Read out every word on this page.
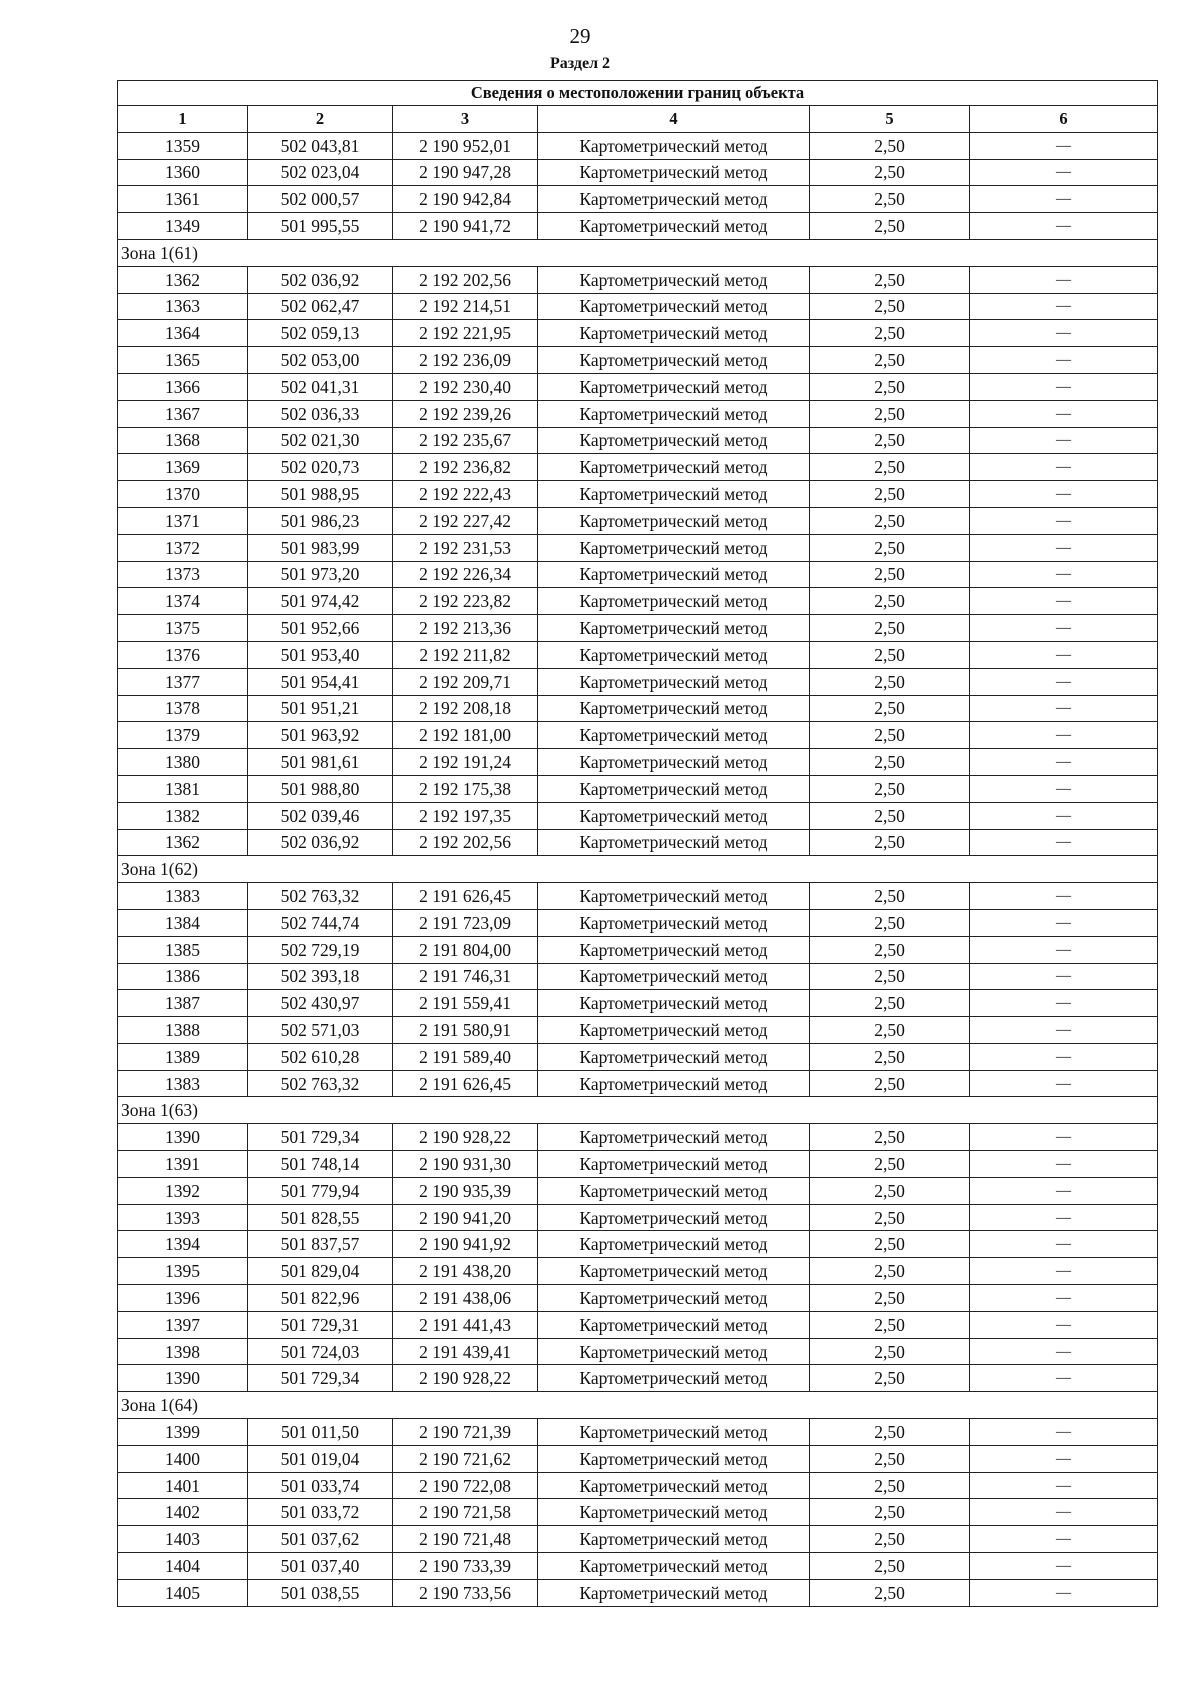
29
Раздел 2
Сведения о местоположении границ объекта					
1	2	3	4	5	6
1359	502 043,81	2 190 952,01	Картометрический метод	2,50	—
1360	502 023,04	2 190 947,28	Картометрический метод	2,50	—
1361	502 000,57	2 190 942,84	Картометрический метод	2,50	—
1349	501 995,55	2 190 941,72	Картометрический метод	2,50	—
Зона 1(61)					
1362	502 036,92	2 192 202,56	Картометрический метод	2,50	—
1363	502 062,47	2 192 214,51	Картометрический метод	2,50	—
1364	502 059,13	2 192 221,95	Картометрический метод	2,50	—
1365	502 053,00	2 192 236,09	Картометрический метод	2,50	—
1366	502 041,31	2 192 230,40	Картометрический метод	2,50	—
1367	502 036,33	2 192 239,26	Картометрический метод	2,50	—
1368	502 021,30	2 192 235,67	Картометрический метод	2,50	—
1369	502 020,73	2 192 236,82	Картометрический метод	2,50	—
1370	501 988,95	2 192 222,43	Картометрический метод	2,50	—
1371	501 986,23	2 192 227,42	Картометрический метод	2,50	—
1372	501 983,99	2 192 231,53	Картометрический метод	2,50	—
1373	501 973,20	2 192 226,34	Картометрический метод	2,50	—
1374	501 974,42	2 192 223,82	Картометрический метод	2,50	—
1375	501 952,66	2 192 213,36	Картометрический метод	2,50	—
1376	501 953,40	2 192 211,82	Картометрический метод	2,50	—
1377	501 954,41	2 192 209,71	Картометрический метод	2,50	—
1378	501 951,21	2 192 208,18	Картометрический метод	2,50	—
1379	501 963,92	2 192 181,00	Картометрический метод	2,50	—
1380	501 981,61	2 192 191,24	Картометрический метод	2,50	—
1381	501 988,80	2 192 175,38	Картометрический метод	2,50	—
1382	502 039,46	2 192 197,35	Картометрический метод	2,50	—
1362	502 036,92	2 192 202,56	Картометрический метод	2,50	—
Зона 1(62)					
1383	502 763,32	2 191 626,45	Картометрический метод	2,50	—
1384	502 744,74	2 191 723,09	Картометрический метод	2,50	—
1385	502 729,19	2 191 804,00	Картометрический метод	2,50	—
1386	502 393,18	2 191 746,31	Картометрический метод	2,50	—
1387	502 430,97	2 191 559,41	Картометрический метод	2,50	—
1388	502 571,03	2 191 580,91	Картометрический метод	2,50	—
1389	502 610,28	2 191 589,40	Картометрический метод	2,50	—
1383	502 763,32	2 191 626,45	Картометрический метод	2,50	—
Зона 1(63)					
1390	501 729,34	2 190 928,22	Картометрический метод	2,50	—
1391	501 748,14	2 190 931,30	Картометрический метод	2,50	—
1392	501 779,94	2 190 935,39	Картометрический метод	2,50	—
1393	501 828,55	2 190 941,20	Картометрический метод	2,50	—
1394	501 837,57	2 190 941,92	Картометрический метод	2,50	—
1395	501 829,04	2 191 438,20	Картометрический метод	2,50	—
1396	501 822,96	2 191 438,06	Картометрический метод	2,50	—
1397	501 729,31	2 191 441,43	Картометрический метод	2,50	—
1398	501 724,03	2 191 439,41	Картометрический метод	2,50	—
1390	501 729,34	2 190 928,22	Картометрический метод	2,50	—
Зона 1(64)					
1399	501 011,50	2 190 721,39	Картометрический метод	2,50	—
1400	501 019,04	2 190 721,62	Картометрический метод	2,50	—
1401	501 033,74	2 190 722,08	Картометрический метод	2,50	—
1402	501 033,72	2 190 721,58	Картометрический метод	2,50	—
1403	501 037,62	2 190 721,48	Картометрический метод	2,50	—
1404	501 037,40	2 190 733,39	Картометрический метод	2,50	—
1405	501 038,55	2 190 733,56	Картометрический метод	2,50	—
